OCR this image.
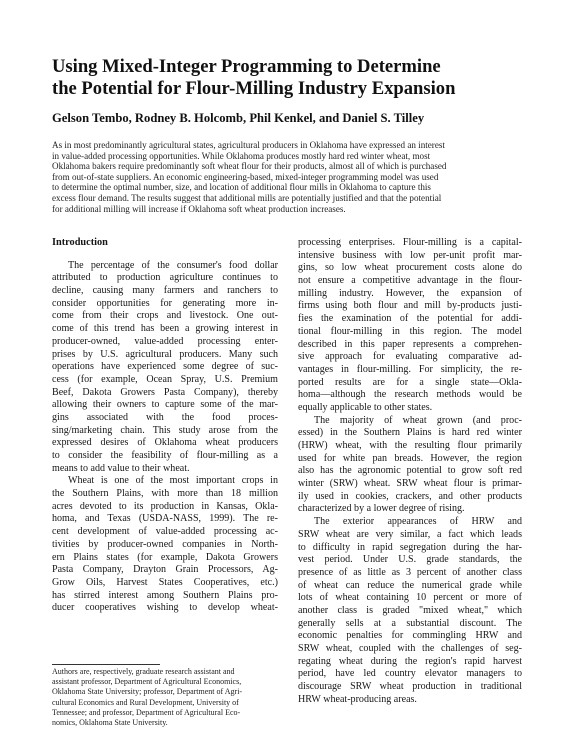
Using Mixed-Integer Programming to Determine
the Potential for Flour-Milling Industry Expansion
Gelson Tembo, Rodney B. Holcomb, Phil Kenkel, and Daniel S. Tilley
As in most predominantly agricultural states, agricultural producers in Oklahoma have expressed an interest
in value-added processing opportunities. While Oklahoma produces mostly hard red winter wheat, most
Oklahoma bakers require predominantly soft wheat flour for their products, almost all of which is purchased
from out-of-state suppliers. An economic engineering-based, mixed-integer programming model was used
to determine the optimal number, size, and location of additional flour mills in Oklahoma to capture this
excess flour demand. The results suggest that additional mills are potentially justified and that the potential
for additional milling will increase if Oklahoma soft wheat production increases.
Introduction
The percentage of the consumer's food dollar
attributed to production agriculture continues to
decline, causing many farmers and ranchers to
consider opportunities for generating more in-
come from their crops and livestock. One out-
come of this trend has been a growing interest in
producer-owned, value-added processing enter-
prises by U.S. agricultural producers. Many such
operations have experienced some degree of suc-
cess (for example, Ocean Spray, U.S. Premium
Beef, Dakota Growers Pasta Company), thereby
allowing their owners to capture some of the mar-
gins associated with the food proces-
sing/marketing chain. This study arose from the
expressed desires of Oklahoma wheat producers
to consider the feasibility of flour-milling as a
means to add value to their wheat.
Wheat is one of the most important crops in
the Southern Plains, with more than 18 million
acres devoted to its production in Kansas, Okla-
homa, and Texas (USDA-NASS, 1999). The re-
cent development of value-added processing ac-
tivities by producer-owned companies in North-
ern Plains states (for example, Dakota Growers
Pasta Company, Drayton Grain Processors, Ag-
Grow Oils, Harvest States Cooperatives, etc.)
has stirred interest among Southern Plains pro-
ducer cooperatives wishing to develop wheat-
processing enterprises. Flour-milling is a capital-
intensive business with low per-unit profit mar-
gins, so low wheat procurement costs alone do
not ensure a competitive advantage in the flour-
milling industry. However, the expansion of
firms using both flour and mill by-products justi-
fies the examination of the potential for addi-
tional flour-milling in this region. The model
described in this paper represents a comprehen-
sive approach for evaluating comparative ad-
vantages in flour-milling. For simplicity, the re-
ported results are for a single state—Okla-
homa—although the research methods would be
equally applicable to other states.
The majority of wheat grown (and proc-
essed) in the Southern Plains is hard red winter
(HRW) wheat, with the resulting flour primarily
used for white pan breads. However, the region
also has the agronomic potential to grow soft red
winter (SRW) wheat. SRW wheat flour is primar-
ily used in cookies, crackers, and other products
characterized by a lower degree of rising.
The exterior appearances of HRW and
SRW wheat are very similar, a fact which leads
to difficulty in rapid segregation during the har-
vest period. Under U.S. grade standards, the
presence of as little as 3 percent of another class
of wheat can reduce the numerical grade while
lots of wheat containing 10 percent or more of
another class is graded "mixed wheat," which
generally sells at a substantial discount. The
economic penalties for commingling HRW and
SRW wheat, coupled with the challenges of seg-
regating wheat during the region's rapid harvest
period, have led country elevator managers to
discourage SRW wheat production in traditional
HRW wheat-producing areas.
Authors are, respectively, graduate research assistant and
assistant professor, Department of Agricultural Economics,
Oklahoma State University; professor, Department of Agri-
cultural Economics and Rural Development, University of
Tennessee; and professor, Department of Agricultural Eco-
nomics, Oklahoma State University.
